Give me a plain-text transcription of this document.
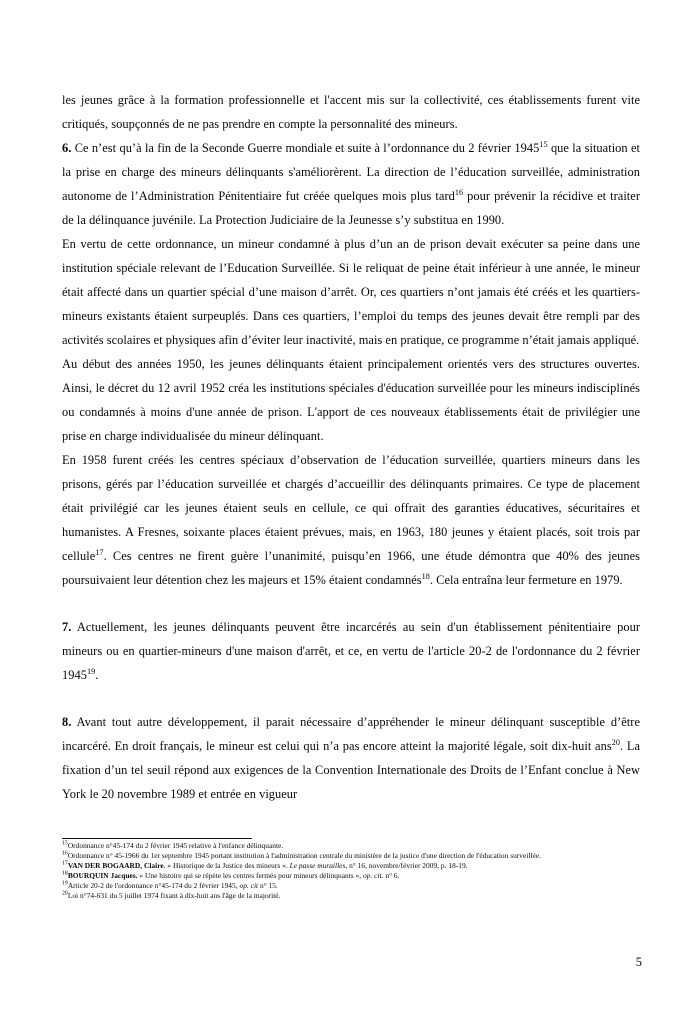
les jeunes grâce à la formation professionnelle et l'accent mis sur la collectivité, ces établissements furent vite critiqués, soupçonnés de ne pas prendre en compte la personnalité des mineurs.

6. Ce n’est qu’à la fin de la Seconde Guerre mondiale et suite à l’ordonnance du 2 février 1945$^{15}$ que la situation et la prise en charge des mineurs délinquants s'améliorèrent. La direction de l’éducation surveillée, administration autonome de l’Administration Pénitentiaire fut créée quelques mois plus tard$^{16}$ pour prévenir la récidive et traiter de la délinquance juvénile. La Protection Judiciaire de la Jeunesse s’y substitua en 1990.

En vertu de cette ordonnance, un mineur condamné à plus d’un an de prison devait exécuter sa peine dans une institution spéciale relevant de l’Education Surveillée. Si le reliquat de peine était inférieur à une année, le mineur était affecté dans un quartier spécial d’une maison d’arrêt. Or, ces quartiers n’ont jamais été créés et les quartiers-mineurs existants étaient surpeuplés. Dans ces quartiers, l’emploi du temps des jeunes devait être rempli par des activités scolaires et physiques afin d’éviter leur inactivité, mais en pratique, ce programme n’était jamais appliqué.

Au début des années 1950, les jeunes délinquants étaient principalement orientés vers des structures ouvertes. Ainsi, le décret du 12 avril 1952 créa les institutions spéciales d'éducation surveillée pour les mineurs indisciplinés ou condamnés à moins d'une année de prison. L'apport de ces nouveaux établissements était de privilégier une prise en charge individualisée du mineur délinquant.

En 1958 furent créés les centres spéciaux d’observation de l’éducation surveillée, quartiers mineurs dans les prisons, gérés par l’éducation surveillée et chargés d’accueillir des délinquants primaires. Ce type de placement était privilégié car les jeunes étaient seuls en cellule, ce qui offrait des garanties éducatives, sécuritaires et humanistes. A Fresnes, soixante places étaient prévues, mais, en 1963, 180 jeunes y étaient placés, soit trois par cellule$^{17}$. Ces centres ne firent guère l’unanimité, puisqu’en 1966, une étude démontra que 40% des jeunes poursuivaient leur détention chez les majeurs et 15% étaient condamnés$^{18}$. Cela entraîna leur fermeture en 1979.

7. Actuellement, les jeunes délinquants peuvent être incarcérés au sein d'un établissement pénitentiaire pour mineurs ou en quartier-mineurs d'une maison d'arrêt, et ce, en vertu de l'article 20-2 de l'ordonnance du 2 février 1945$^{19}$.

8. Avant tout autre développement, il parait nécessaire d’appréhender le mineur délinquant susceptible d’être incarcéré. En droit français, le mineur est celui qui n’a pas encore atteint la majorité légale, soit dix-huit ans$^{20}$. La fixation d’un tel seuil répond aux exigences de la Convention Internationale des Droits de l’Enfant conclue à New York le 20 novembre 1989 et entrée en vigueur

$^{15}$Ordonnance n°45-174 du 2 février 1945 relative à l'enfance délinquante.

$^{16}$Ordonnance n° 45-1966 du 1er septembre 1945 portant institution à l'administration centrale du ministère de la justice d'une direction de l'éducation surveillée.

$^{17}$VAN DER BOGAARD, Claire. « Historique de la Justice des mineurs ». Le passe murailles, n° 16, novembre/février 2009, p. 18-19.

$^{18}$BOURQUIN Jacques. « Une histoire qui se répète les centres fermés pour mineurs délinquants », op. cit. n° 6.

$^{19}$Article 20-2 de l'ordonnance n°45-174 du 2 février 1945, op. cit n° 15.

$^{20}$Loi n°74-631 du 5 juillet 1974 fixant à dix-huit ans l'âge de la majorité.

5
